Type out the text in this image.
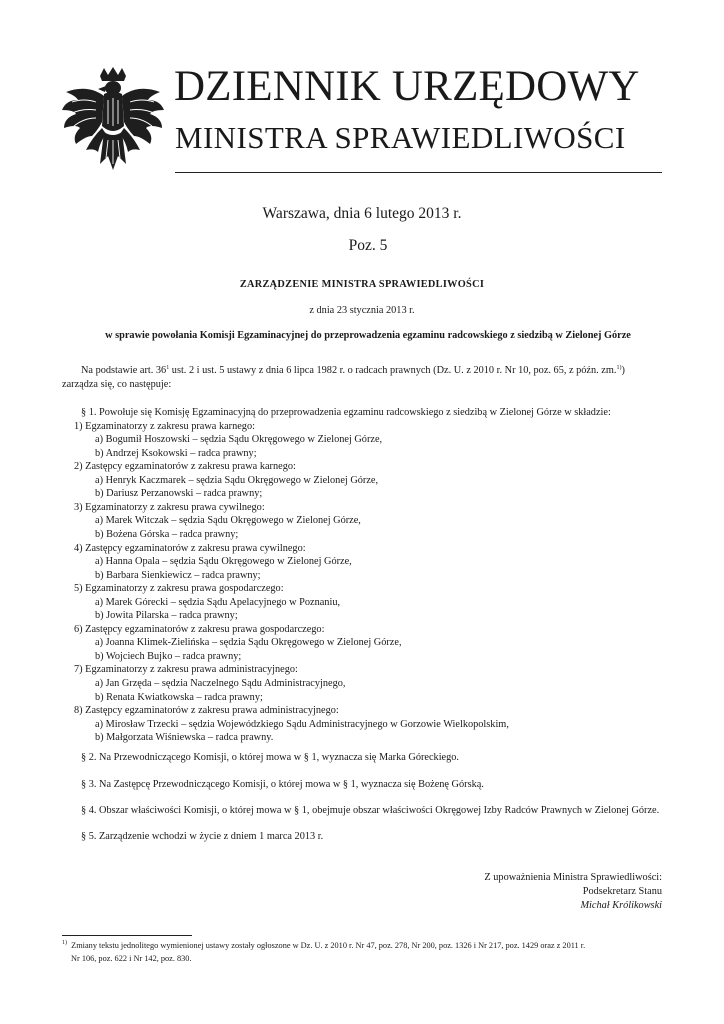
DZIENNIK URZĘDOWY
MINISTRA SPRAWIEDLIWOŚCI
Warszawa, dnia 6 lutego 2013 r.
Poz. 5
ZARZĄDZENIE MINISTRA SPRAWIEDLIWOŚCI
z dnia 23 stycznia 2013 r.
w sprawie powołania Komisji Egzaminacyjnej do przeprowadzenia egzaminu radcowskiego z siedzibą w Zielonej Górze
Na podstawie art. $36^1$ ust. 2 i ust. 5 ustawy z dnia 6 lipca 1982 r. o radcach prawnych (Dz. U. z 2010 r. Nr 10, poz. 65, z późn. zm.$^{1)}$)
zarządza się, co następuje:
§ 1. Powołuje się Komisję Egzaminacyjną do przeprowadzenia egzaminu radcowskiego z siedzibą w Zielonej Górze w składzie:
1) Egzaminatorzy z zakresu prawa karnego:
a) Bogumił Hoszowski – sędzia Sądu Okręgowego w Zielonej Górze,
b) Andrzej Ksokowski – radca prawny;
2) Zastępcy egzaminatorów z zakresu prawa karnego:
a) Henryk Kaczmarek – sędzia Sądu Okręgowego w Zielonej Górze,
b) Dariusz Perzanowski – radca prawny;
3) Egzaminatorzy z zakresu prawa cywilnego:
a) Marek Witczak – sędzia Sądu Okręgowego w Zielonej Górze,
b) Bożena Górska – radca prawny;
4) Zastępcy egzaminatorów z zakresu prawa cywilnego:
a) Hanna Opala – sędzia Sądu Okręgowego w Zielonej Górze,
b) Barbara Sienkiewicz – radca prawny;
5) Egzaminatorzy z zakresu prawa gospodarczego:
a) Marek Górecki – sędzia Sądu Apelacyjnego w Poznaniu,
b) Jowita Pilarska – radca prawny;
6) Zastępcy egzaminatorów z zakresu prawa gospodarczego:
a) Joanna Klimek-Zielińska – sędzia Sądu Okręgowego w Zielonej Górze,
b) Wojciech Bujko – radca prawny;
7) Egzaminatorzy z zakresu prawa administracyjnego:
a) Jan Grzęda – sędzia Naczelnego Sądu Administracyjnego,
b) Renata Kwiatkowska – radca prawny;
8) Zastępcy egzaminatorów z zakresu prawa administracyjnego:
a) Mirosław Trzecki – sędzia Wojewódzkiego Sądu Administracyjnego w Gorzowie Wielkopolskim,
b) Małgorzata Wiśniewska – radca prawny.
§ 2. Na Przewodniczącego Komisji, o której mowa w § 1, wyznacza się Marka Góreckiego.
§ 3. Na Zastępcę Przewodniczącego Komisji, o której mowa w § 1, wyznacza się Bożenę Górską.
§ 4. Obszar właściwości Komisji, o której mowa w § 1, obejmuje obszar właściwości Okręgowej Izby Radców Prawnych w Zielonej Górze.
§ 5. Zarządzenie wchodzi w życie z dniem 1 marca 2013 r.
Z upoważnienia Ministra Sprawiedliwości:
Podsekretarz Stanu
Michał Królikowski
$^{1)}$ Zmiany tekstu jednolitego wymienionej ustawy zostały ogłoszone w Dz. U. z 2010 r. Nr 47, poz. 278, Nr 200, poz. 1326 i Nr 217, poz. 1429 oraz z 2011 r.
Nr 106, poz. 622 i Nr 142, poz. 830.
